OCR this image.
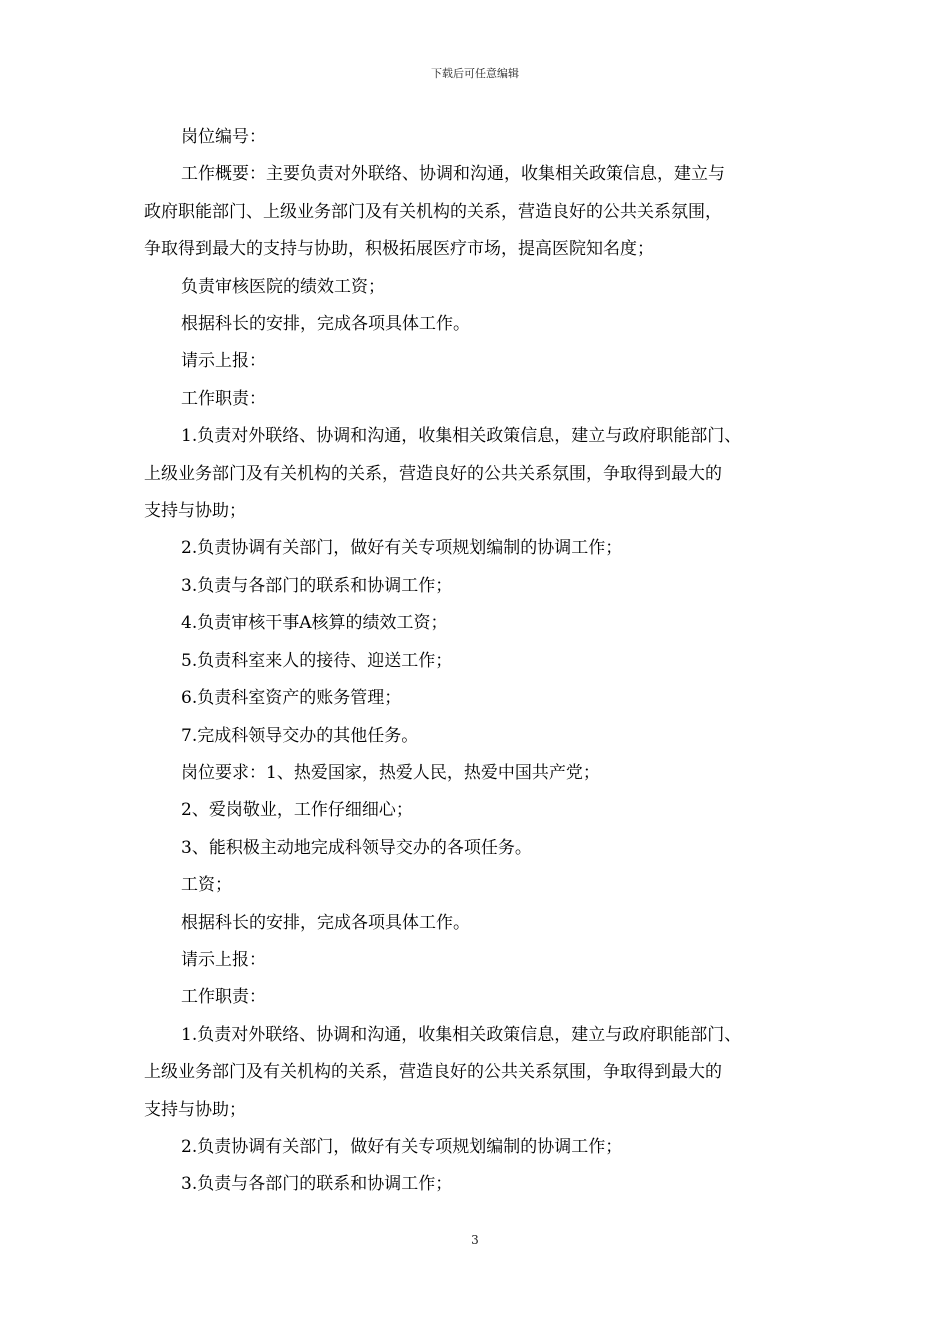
下载后可任意编辑

岗位编号：

工作概要：主要负责对外联络、协调和沟通，收集相关政策信息，建立与

政府职能部门、上级业务部门及有关机构的关系，营造良好的公共关系氛围，

争取得到最大的支持与协助，积极拓展医疗市场，提高医院知名度；

负责审核医院的绩效工资；

根据科长的安排，完成各项具体工作。

请示上报：

工作职责：

1.负责对外联络、协调和沟通，收集相关政策信息，建立与政府职能部门、

上级业务部门及有关机构的关系，营造良好的公共关系氛围，争取得到最大的

支持与协助；

2.负责协调有关部门，做好有关专项规划编制的协调工作；

3.负责与各部门的联系和协调工作；

4.负责审核干事A核算的绩效工资；

5.负责科室来人的接待、迎送工作；

6.负责科室资产的账务管理；

7.完成科领导交办的其他任务。

岗位要求：1、热爱国家，热爱人民，热爱中国共产党；

2、爱岗敬业，工作仔细细心；

3、能积极主动地完成科领导交办的各项任务。

工资；

根据科长的安排，完成各项具体工作。

请示上报：

工作职责：

1.负责对外联络、协调和沟通，收集相关政策信息，建立与政府职能部门、

上级业务部门及有关机构的关系，营造良好的公共关系氛围，争取得到最大的

支持与协助；

2.负责协调有关部门，做好有关专项规划编制的协调工作；

3.负责与各部门的联系和协调工作；

3
